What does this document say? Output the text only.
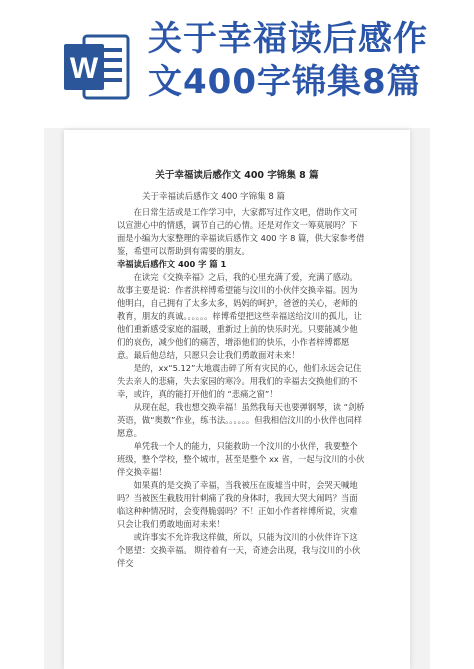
W
关于幸福读后感作
文400字锦集8篇
关于幸福读后感作文 400 字锦集 8 篇
关于幸福读后感作文 400 字锦集 8 篇

在日常生活或是工作学习中，大家都写过作文吧，借助作文可以宣泄心中的情感，调节自己的心情。还是对作文一筹莫展吗？下面是小编为大家整理的幸福读后感作文 400 字 8 篇，供大家参考借鉴，希望可以帮助到有需要的朋友。

幸福读后感作文 400 字 篇 1

在读完《交换幸福》之后，我的心里充满了爱，充满了感动。故事主要是说：作者洪梓博希望能与汶川的小伙伴交换幸福。因为他明白，自己拥有了太多太多，妈妈的呵护，爸爸的关心，老师的教育，朋友的真诚。。。。。。梓博希望把这些幸福送给汶川的孤儿，让他们重新感受家庭的温暖，重新过上前的快乐时光。只要能减少他们的哀伤，减少他们的痛苦，增添他们的快乐，小作者梓博都愿意。最后他总结，只愿只会让我们勇敢面对未来！

是的，xx“5.12”大地震击碎了所有灾民的心，他们永远会记住失去亲人的悲痛，失去家园的寒冷。用我们的幸福去交换他们的不幸，或许，真的能打开他们的 “悲痛之窗”！

从现在起，我也想交换幸福！虽然我每天也要弹钢琴，读 “剑桥英语，做“奥数”作业，练书法。。。。。。但我相信汶川的小伙伴也同样愿意。

单凭我一个人的能力，只能救助一个汶川的小伙伴，我要整个班级，整个学校，整个城市，甚至是整个 xx 省，一起与汶川的小伙伴交换幸福！

如果真的是交换了幸福，当我被压在废墟当中时，会哭天喊地吗？当被医生截肢用针刺痛了我的身体时，我回大哭大闹吗？当面临这种种情况时，会变得脆弱吗？不！正如小作者梓博所说，灾难只会让我们勇敢地面对未来！

或许事实不允许我这样做，所以，只能为汶川的小伙伴许下这个愿望：交换幸福。 期待着有一天，奇迹会出现，我与汶川的小伙伴交
